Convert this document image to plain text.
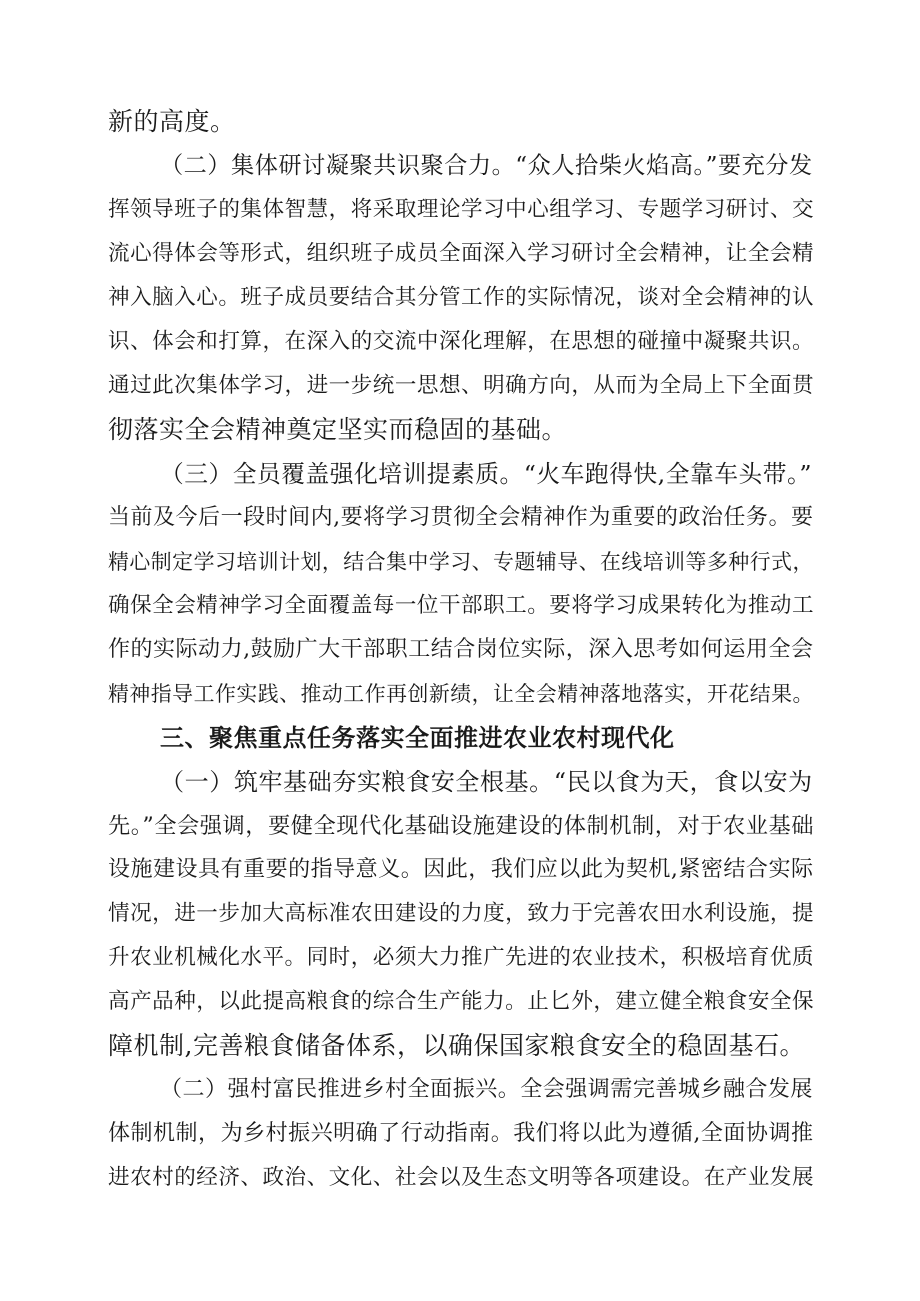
新的高度。
（二）集体研讨凝聚共识聚合力。“众人拾柴火焰高。”要充分发
挥领导班子的集体智慧，将采取理论学习中心组学习、专题学习研讨、交
流心得体会等形式，组织班子成员全面深入学习研讨全会精神，让全会精
神入脑入心。班子成员要结合其分管工作的实际情况，谈对全会精神的认
识、体会和打算，在深入的交流中深化理解，在思想的碰撞中凝聚共识。
通过此次集体学习，进一步统一思想、明确方向，从而为全局上下全面贯
彻落实全会精神奠定坚实而稳固的基础。
（三）全员覆盖强化培训提素质。“火车跑得快,全靠车头带。”
当前及今后一段时间内,要将学习贯彻全会精神作为重要的政治任务。要
精心制定学习培训计划，结合集中学习、专题辅导、在线培训等多种行式，
确保全会精神学习全面覆盖每一位干部职工。要将学习成果转化为推动工
作的实际动力,鼓励广大干部职工结合岗位实际，深入思考如何运用全会
精神指导工作实践、推动工作再创新绩，让全会精神落地落实，开花结果。
三、聚焦重点任务落实全面推进农业农村现代化
（一）筑牢基础夯实粮食安全根基。“民以食为天，食以安为
先。”全会强调，要健全现代化基础设施建设的体制机制，对于农业基础
设施建设具有重要的指导意义。因此，我们应以此为契机,紧密结合实际
情况，进一步加大高标准农田建设的力度，致力于完善农田水利设施，提
升农业机械化水平。同时，必须大力推广先进的农业技术，积极培育优质
高产品种，以此提高粮食的综合生产能力。止匕外，建立健全粮食安全保
障机制,完善粮食储备体系，以确保国家粮食安全的稳固基石。
（二）强村富民推进乡村全面振兴。全会强调需完善城乡融合发展
体制机制，为乡村振兴明确了行动指南。我们将以此为遵循,全面协调推
进农村的经济、政治、文化、社会以及生态文明等各项建设。在产业发展
